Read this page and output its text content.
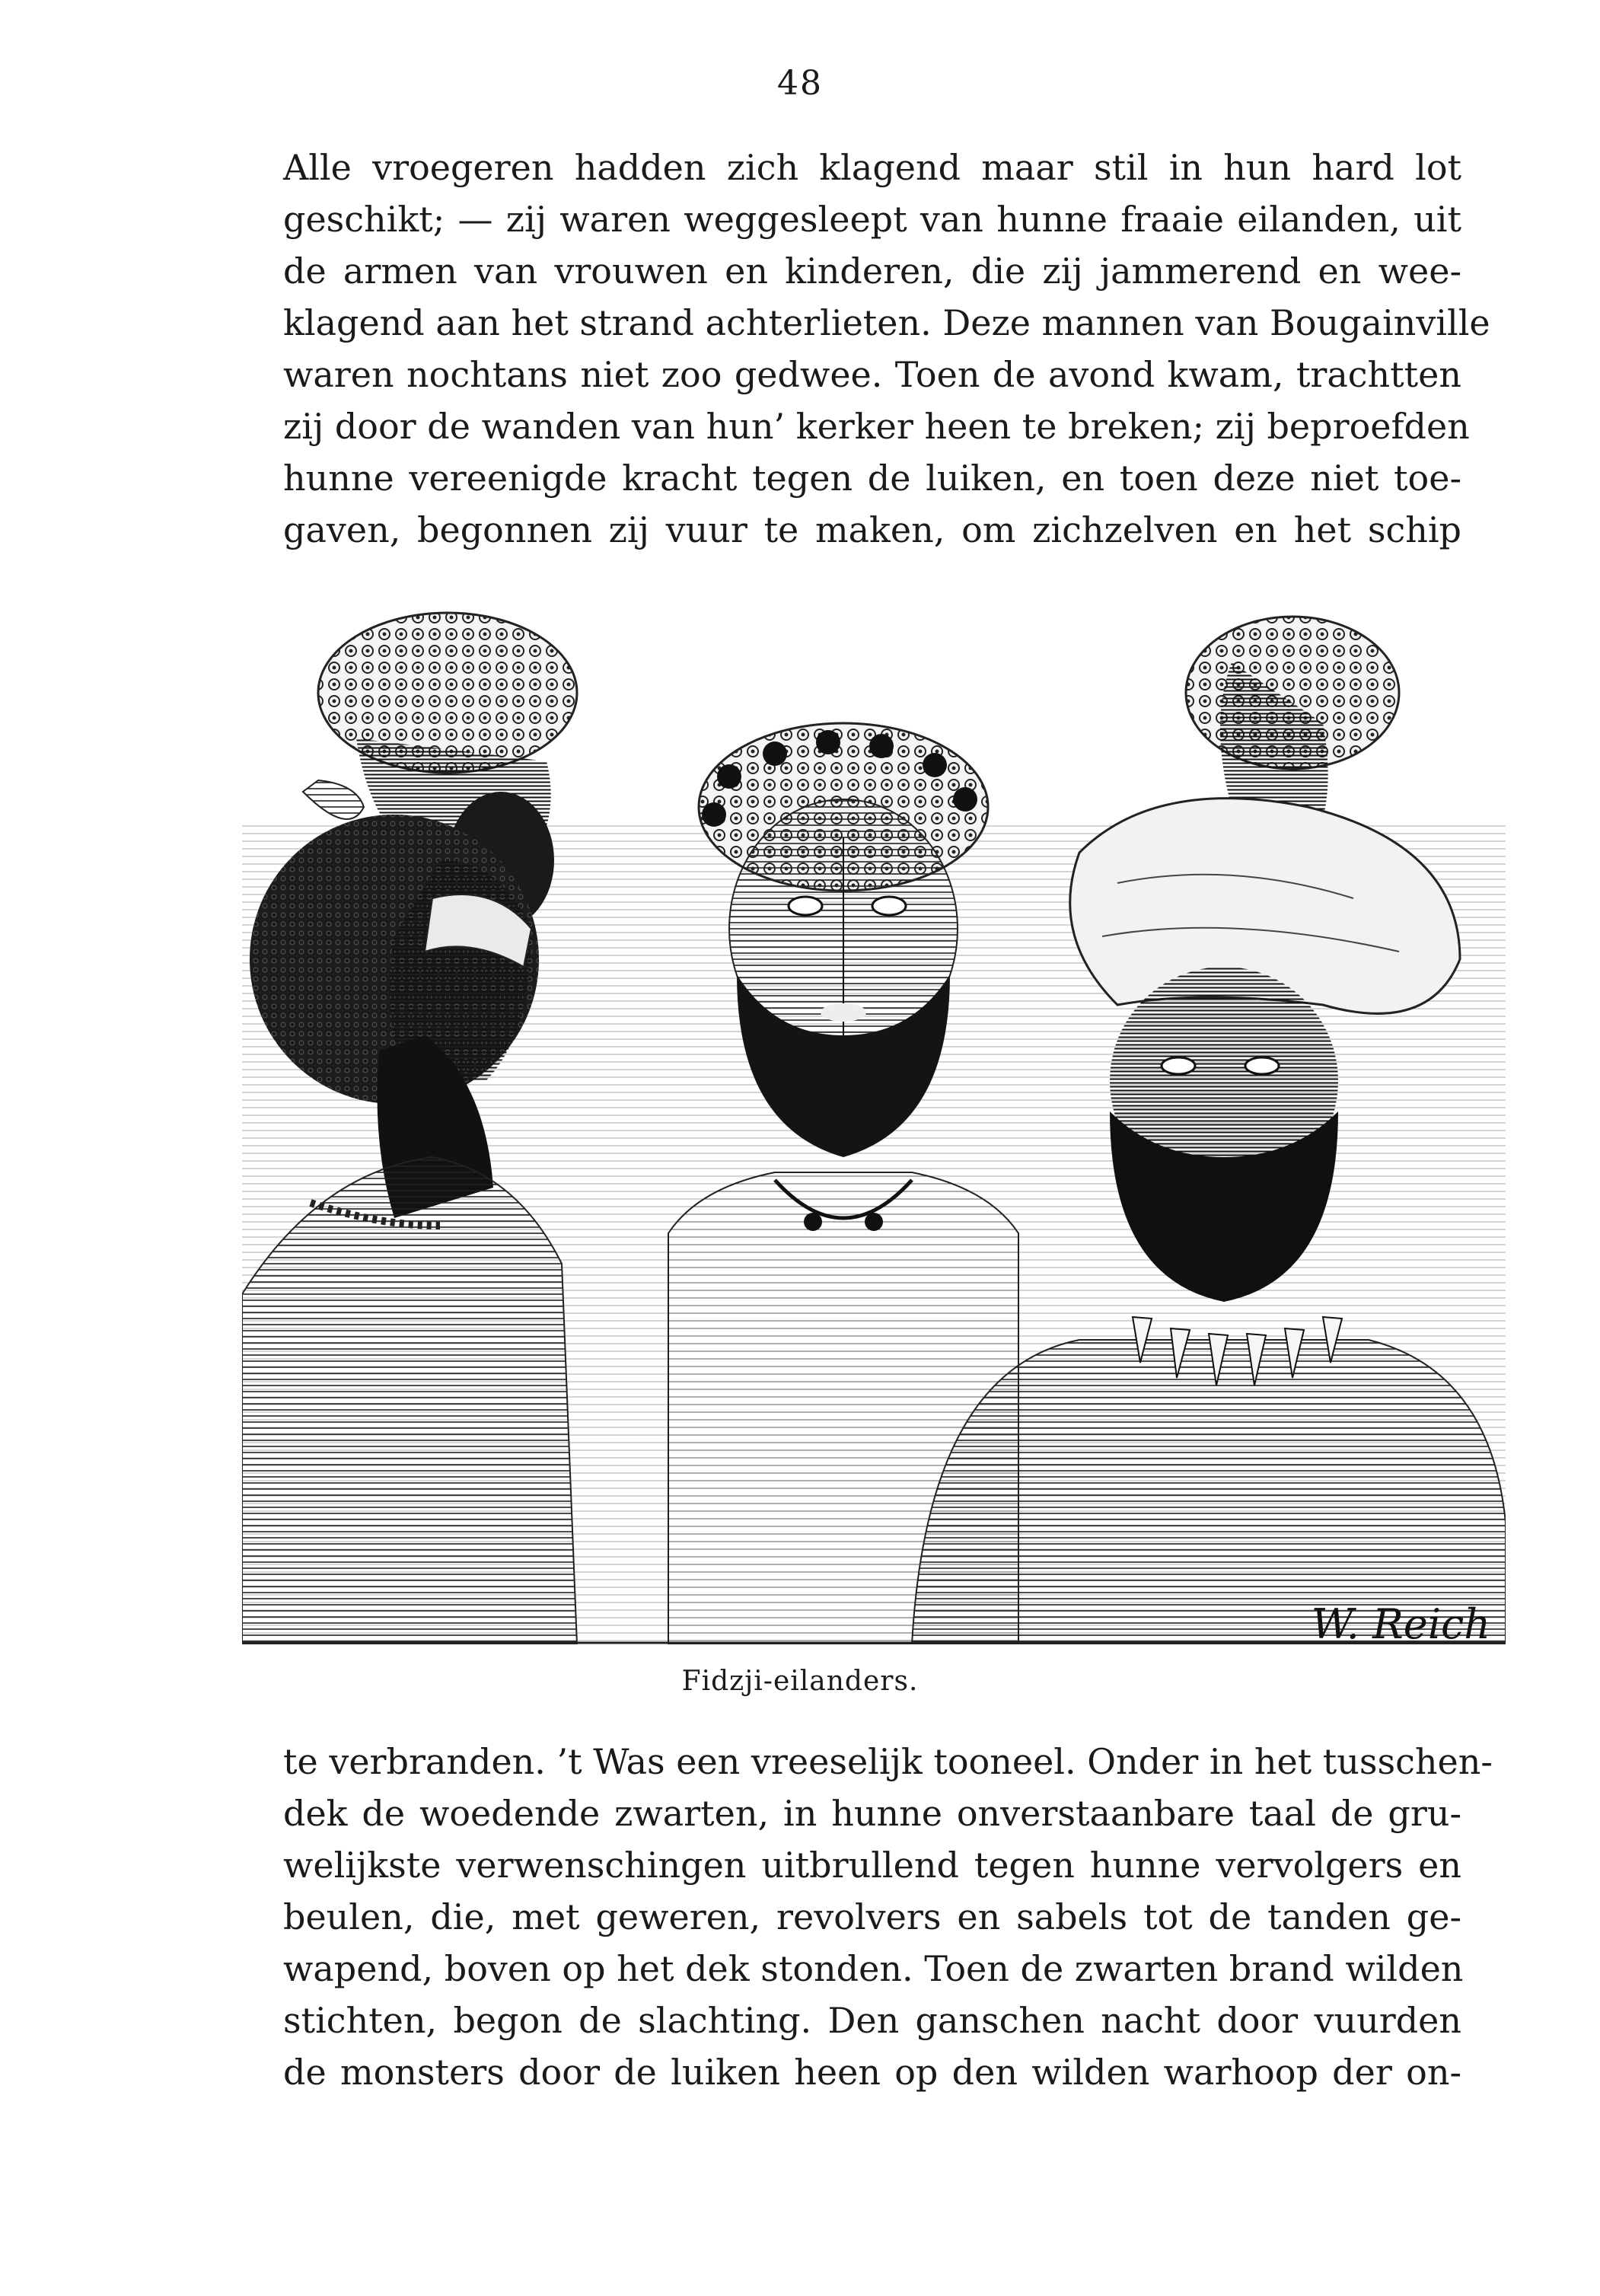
48
Alle vroegeren hadden zich klagend maar stil in hun hard lot
geschikt; — zij waren weggesleept van hunne fraaie eilanden, uit
de armen van vrouwen en kinderen, die zij jammerend en wee-
klagend aan het strand achterlieten. Deze mannen van Bougainville
waren nochtans niet zoo gedwee. Toen de avond kwam, trachtten
zij door de wanden van hun’ kerker heen te breken; zij beproefden
hunne vereenigde kracht tegen de luiken, en toen deze niet toe-
gaven, begonnen zij vuur te maken, om zichzelven en het schip
W. Reich
Fidzji-eilanders.
te verbranden. ’t Was een vreeselijk tooneel. Onder in het tusschen-
dek de woedende zwarten, in hunne onverstaanbare taal de gru-
welijkste verwenschingen uitbrullend tegen hunne vervolgers en
beulen, die, met geweren, revolvers en sabels tot de tanden ge-
wapend, boven op het dek stonden. Toen de zwarten brand wilden
stichten, begon de slachting. Den ganschen nacht door vuurden
de monsters door de luiken heen op den wilden warhoop der on-
